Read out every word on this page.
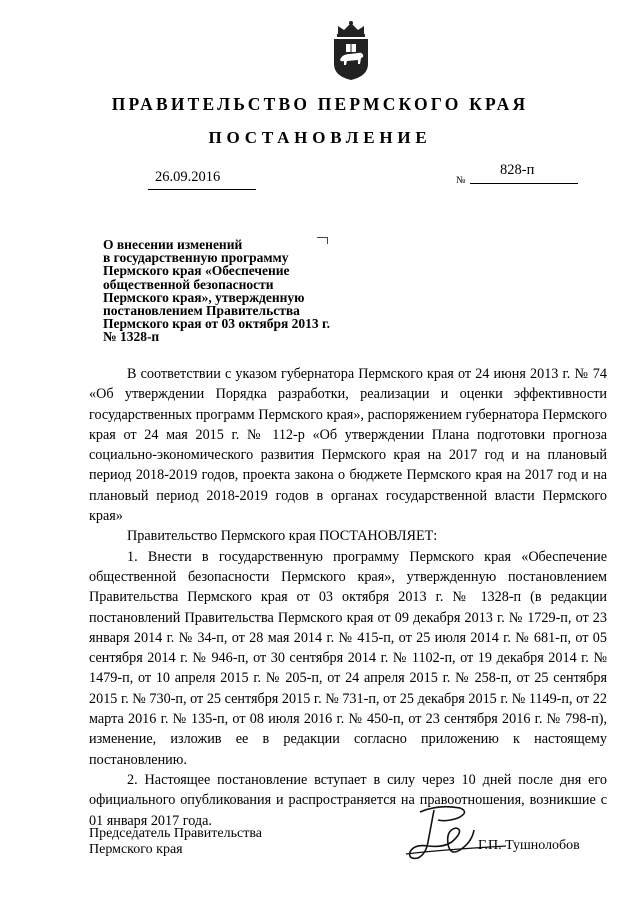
ПРАВИТЕЛЬСТВО ПЕРМСКОГО КРАЯ
ПОСТАНОВЛЕНИЕ
26.09.2016	№
828-п
О внесении изменений
в государственную программу
Пермского края «Обеспечение
общественной безопасности
Пермского края», утвержденную
постановлением Правительства
Пермского края от 03 октября 2013 г.
№ 1328-п

В соответствии с указом губернатора Пермского края от 24 июня 2013 г. № 74 «Об утверждении Порядка разработки, реализации и оценки эффективности государственных программ Пермского края», распоряжением губернатора Пермского края от 24 мая 2015 г. № 112-р «Об утверждении Плана подготовки прогноза социально-экономического развития Пермского края на 2017 год и на плановый период 2018-2019 годов, проекта закона о бюджете Пермского края на 2017 год и на плановый период 2018-2019 годов в органах государственной власти Пермского края»

Правительство Пермского края ПОСТАНОВЛЯЕТ:

1. Внести в государственную программу Пермского края «Обеспечение общественной безопасности Пермского края», утвержденную постановлением Правительства Пермского края от 03 октября 2013 г. № 1328-п (в редакции постановлений Правительства Пермского края от 09 декабря 2013 г. № 1729-п, от 23 января 2014 г. № 34-п, от 28 мая 2014 г. № 415-п, от 25 июля 2014 г. № 681-п, от 05 сентября 2014 г. № 946-п, от 30 сентября 2014 г. № 1102-п, от 19 декабря 2014 г. № 1479-п, от 10 апреля 2015 г. № 205-п, от 24 апреля 2015 г. № 258-п, от 25 сентября 2015 г. № 730-п, от 25 сентября 2015 г. № 731-п, от 25 декабря 2015 г. № 1149-п, от 22 марта 2016 г. № 135-п, от 08 июля 2016 г. № 450-п, от 23 сентября 2016 г. № 798-п), изменение, изложив ее в редакции согласно приложению к настоящему постановлению.

2. Настоящее постановление вступает в силу через 10 дней после дня его официального опубликования и распространяется на правоотношения, возникшие с 01 января 2017 года.

Председатель Правительства
Пермского края	Г.П. Тушнолобов
